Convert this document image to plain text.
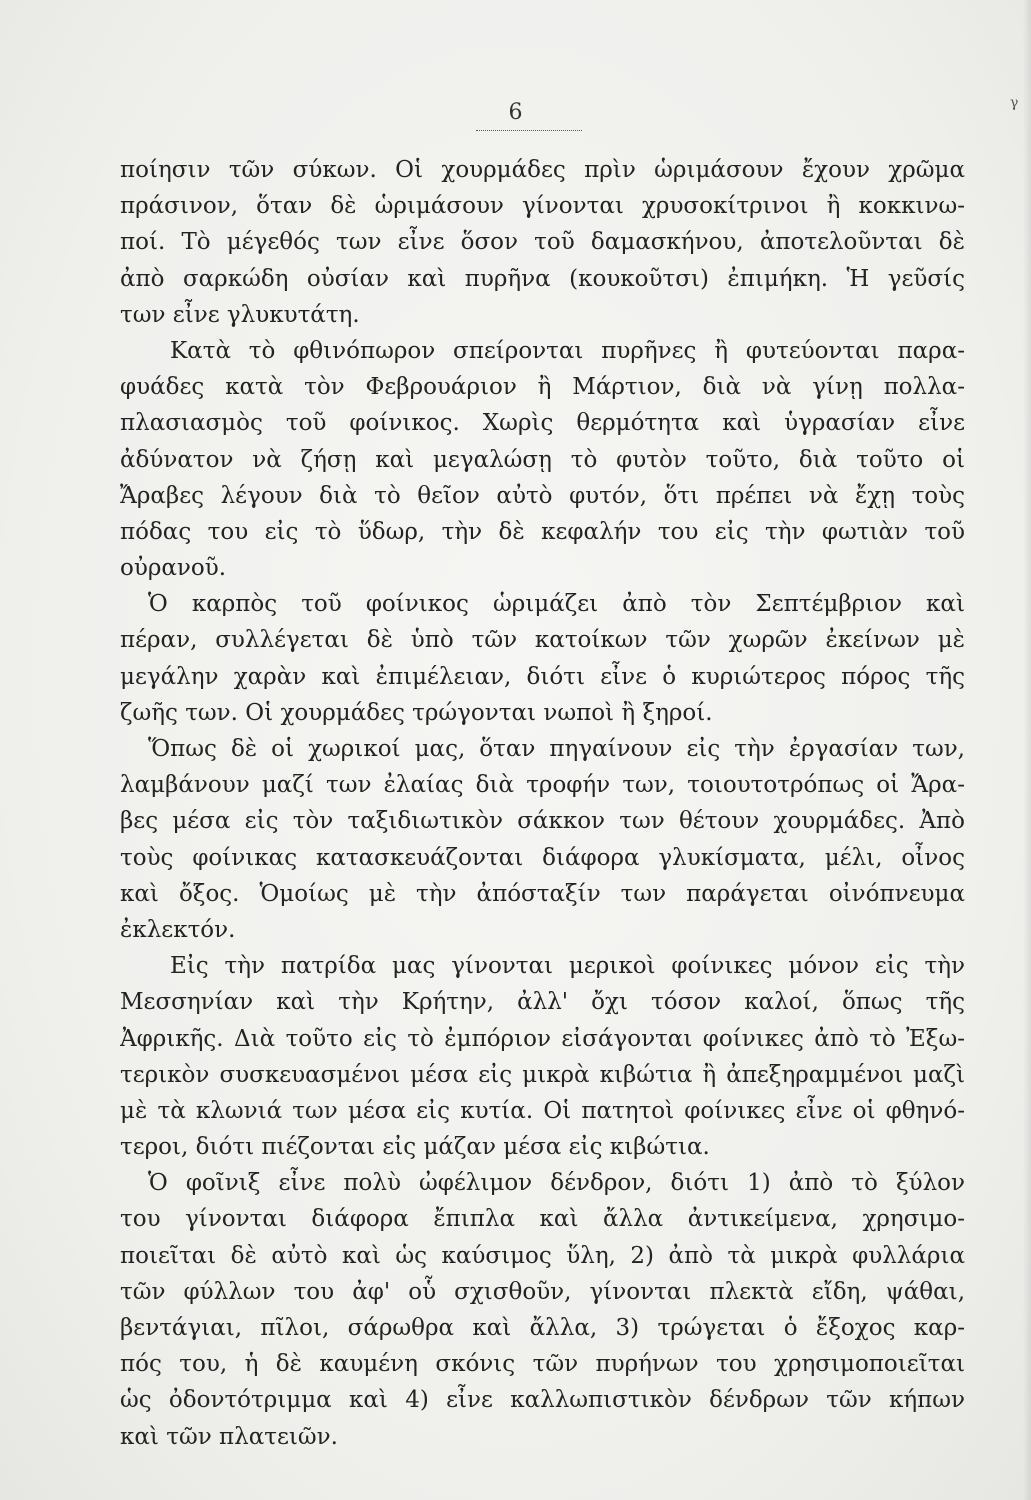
6	γ
ποίησιν τῶν σύκων. Οἱ χουρμάδες πρὶν ὡριμάσουν ἔχουν χρῶμα
πράσινον, ὅταν δὲ ὡριμάσουν γίνονται χρυσοκίτρινοι ἢ κοκκινω-
ποί. Τὸ μέγεθός των εἶνε ὅσον τοῦ δαμασκήνου, ἀποτελοῦνται δὲ
ἀπὸ σαρκώδη οὐσίαν καὶ πυρῆνα (κουκοῦτσι) ἐπιμήκη. Ἡ γεῦσίς
των εἶνε γλυκυτάτη.
Κατὰ τὸ φθινόπωρον σπείρονται πυρῆνες ἢ φυτεύονται παρα-
φυάδες κατὰ τὸν Φεβρουάριον ἢ Μάρτιον, διὰ νὰ γίνῃ πολλα-
πλασιασμὸς τοῦ φοίνικος. Χωρὶς θερμότητα καὶ ὑγρασίαν εἶνε
ἀδύνατον νὰ ζήσῃ καὶ μεγαλώσῃ τὸ φυτὸν τοῦτο, διὰ τοῦτο οἱ
Ἄραβες λέγουν διὰ τὸ θεῖον αὐτὸ φυτόν, ὅτι πρέπει νὰ ἔχῃ τοὺς
πόδας του εἰς τὸ ὕδωρ, τὴν δὲ κεφαλήν του εἰς τὴν φωτιὰν τοῦ
οὐρανοῦ.
Ὁ καρπὸς τοῦ φοίνικος ὡριμάζει ἀπὸ τὸν Σεπτέμβριον καὶ
πέραν, συλλέγεται δὲ ὑπὸ τῶν κατοίκων τῶν χωρῶν ἐκείνων μὲ
μεγάλην χαρὰν καὶ ἐπιμέλειαν, διότι εἶνε ὁ κυριώτερος πόρος τῆς
ζωῆς των. Οἱ χουρμάδες τρώγονται νωποὶ ἢ ξηροί.
Ὅπως δὲ οἱ χωρικοί μας, ὅταν πηγαίνουν εἰς τὴν ἐργασίαν των,
λαμβάνουν μαζί των ἐλαίας διὰ τροφήν των, τοιουτοτρόπως οἱ Ἄρα-
βες μέσα εἰς τὸν ταξιδιωτικὸν σάκκον των θέτουν χουρμάδες. Ἀπὸ
τοὺς φοίνικας κατασκευάζονται διάφορα γλυκίσματα, μέλι, οἶνος
καὶ ὄξος. Ὁμοίως μὲ τὴν ἀπόσταξίν των παράγεται οἰνόπνευμα
ἐκλεκτόν.
Εἰς τὴν πατρίδα μας γίνονται μερικοὶ φοίνικες μόνον εἰς τὴν
Μεσσηνίαν καὶ τὴν Κρήτην, ἀλλ' ὄχι τόσον καλοί, ὅπως τῆς
Ἀφρικῆς. Διὰ τοῦτο εἰς τὸ ἐμπόριον εἰσάγονται φοίνικες ἀπὸ τὸ Ἐξω-
τερικὸν συσκευασμένοι μέσα εἰς μικρὰ κιβώτια ἢ ἀπεξηραμμένοι μαζὶ
μὲ τὰ κλωνιά των μέσα εἰς κυτία. Οἱ πατητοὶ φοίνικες εἶνε οἱ φθηνό-
τεροι, διότι πιέζονται εἰς μάζαν μέσα εἰς κιβώτια.
Ὁ φοῖνιξ εἶνε πολὺ ὠφέλιμον δένδρον, διότι 1) ἀπὸ τὸ ξύλον
του γίνονται διάφορα ἔπιπλα καὶ ἄλλα ἀντικείμενα, χρησιμο-
ποιεῖται δὲ αὐτὸ καὶ ὡς καύσιμος ὕλη, 2) ἀπὸ τὰ μικρὰ φυλλάρια
τῶν φύλλων του ἀφ' οὗ σχισθοῦν, γίνονται πλεκτὰ εἴδη, ψάθαι,
βεντάγιαι, πῖλοι, σάρωθρα καὶ ἄλλα, 3) τρώγεται ὁ ἔξοχος καρ-
πός του, ἡ δὲ καυμένη σκόνις τῶν πυρήνων του χρησιμοποιεῖται
ὡς ὀδοντότριμμα καὶ 4) εἶνε καλλωπιστικὸν δένδρων τῶν κήπων
καὶ τῶν πλατειῶν.
